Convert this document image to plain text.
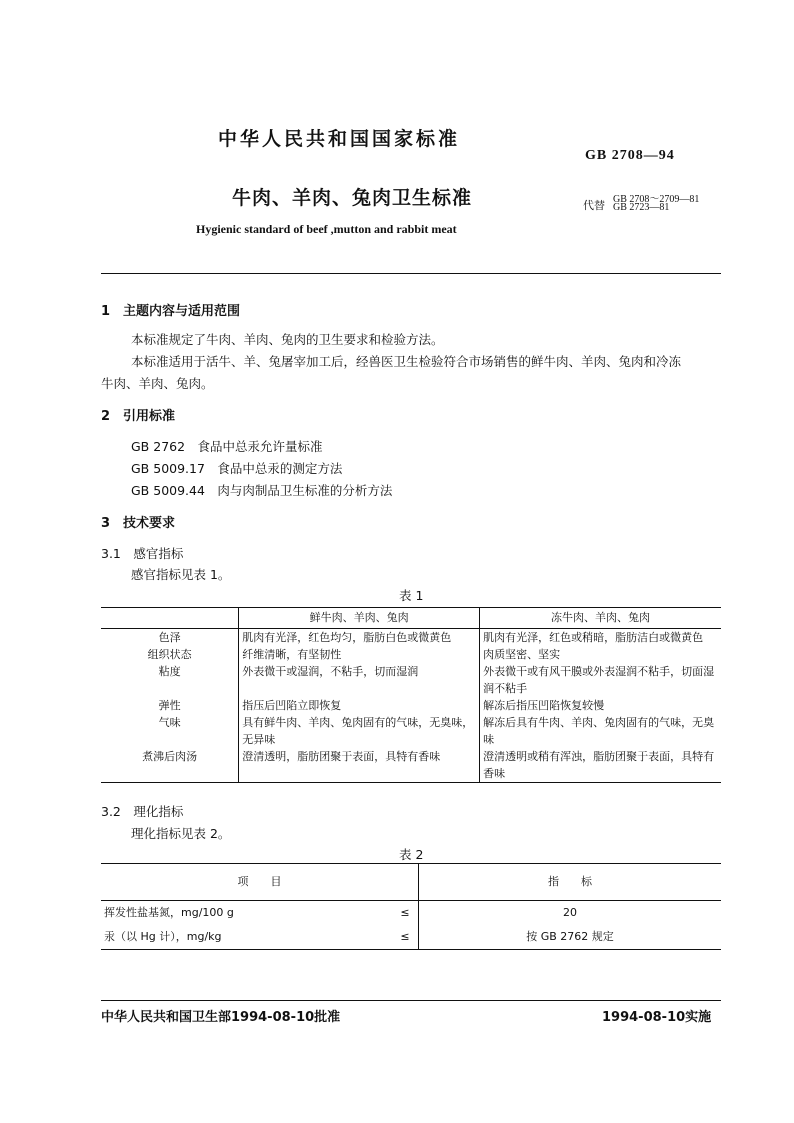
中华人民共和国国家标准
GB 2708—94
牛肉、羊肉、兔肉卫生标准	代替 GB 2708～2709—81
GB 2723—81
Hygienic standard of beef ,mutton and rabbit meat
1　主题内容与适用范围
本标准规定了牛肉、羊肉、兔肉的卫生要求和检验方法。
本标准适用于活牛、羊、兔屠宰加工后，经兽医卫生检验符合市场销售的鲜牛肉、羊肉、兔肉和冷冻
牛肉、羊肉、兔肉。
2　引用标准
GB 2762　食品中总汞允许量标准
GB 5009.17　食品中总汞的测定方法
GB 5009.44　肉与肉制品卫生标准的分析方法
3　技术要求
3.1　感官指标
感官指标见表 1。
表 1
	鲜牛肉、羊肉、兔肉	冻牛肉、羊肉、兔肉
色泽	肌肉有光泽，红色均匀，脂肪白色或微黄色	肌肉有光泽，红色或稍暗，脂肪洁白或微黄色
组织状态	纤维清晰，有坚韧性	肉质坚密、坚实
粘度	外表微干或湿润，不粘手，切而湿润	外表微干或有风干膜或外表湿润不粘手，切面湿润不粘手
弹性	指压后凹陷立即恢复	解冻后指压凹陷恢复较慢
气味	具有鲜牛肉、羊肉、兔肉固有的气味，无臭味，无异味	解冻后具有牛肉、羊肉、兔肉固有的气味，无臭味
煮沸后肉汤	澄清透明，脂肪团聚于表面，具特有香味	澄清透明或稍有浑浊，脂肪团聚于表面，具特有香味
3.2　理化指标
理化指标见表 2。
表 2
项　　目		指　　标
挥发性盐基氮，mg/100 g	≤	20
汞（以 Hg 计），mg/kg	≤	按 GB 2762 规定
中华人民共和国卫生部1994-08-10批准	1994-08-10实施
